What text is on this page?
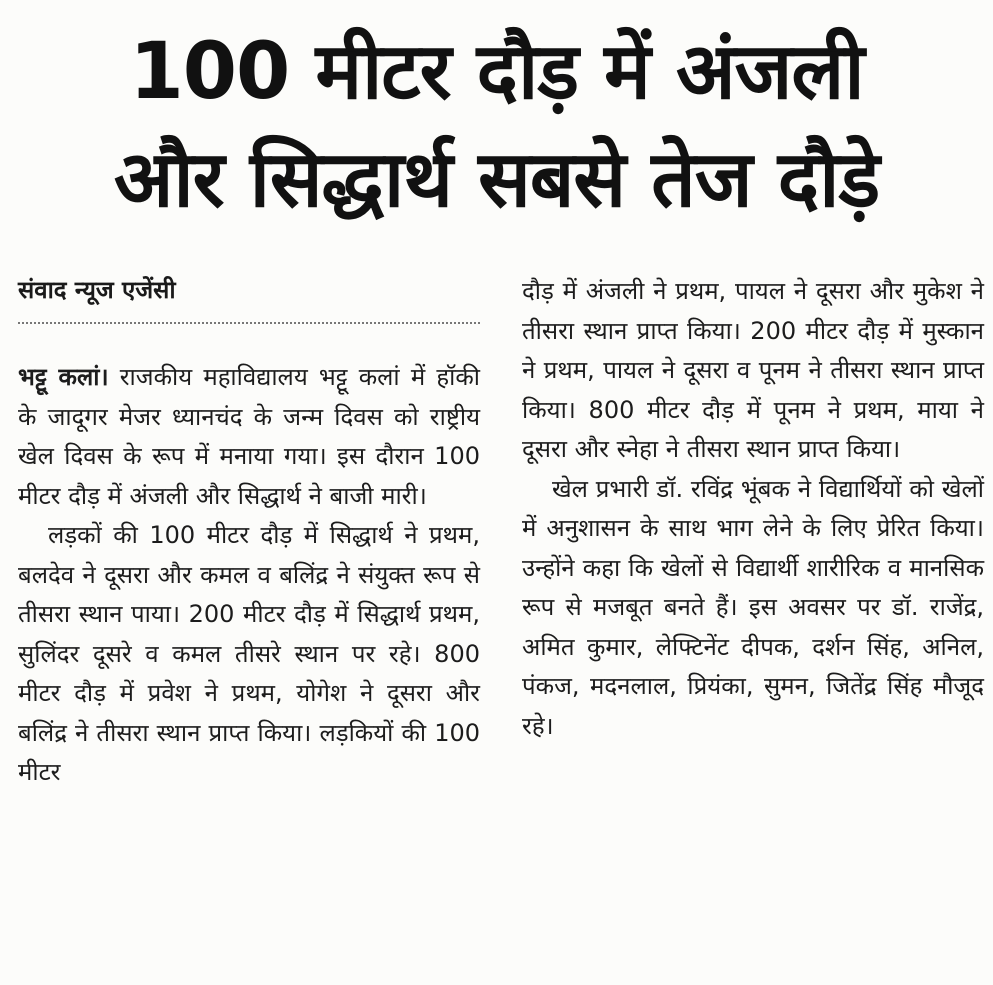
100 मीटर दौड़ में अंजली
और सिद्धार्थ सबसे तेज दौड़े
संवाद न्यूज एजेंसी

भट्टू कलां। राजकीय महाविद्यालय भट्टू कलां में हॉकी के जादूगर मेजर ध्यानचंद के जन्म दिवस को राष्ट्रीय खेल दिवस के रूप में मनाया गया। इस दौरान 100 मीटर दौड़ में अंजली और सिद्धार्थ ने बाजी मारी।

लड़कों की 100 मीटर दौड़ में सिद्धार्थ ने प्रथम, बलदेव ने दूसरा और कमल व बलिंद्र ने संयुक्त रूप से तीसरा स्थान पाया। 200 मीटर दौड़ में सिद्धार्थ प्रथम, सुलिंदर दूसरे व कमल तीसरे स्थान पर रहे। 800 मीटर दौड़ में प्रवेश ने प्रथम, योगेश ने दूसरा और बलिंद्र ने तीसरा स्थान प्राप्त किया। लड़कियों की 100 मीटर

दौड़ में अंजली ने प्रथम, पायल ने दूसरा और मुकेश ने तीसरा स्थान प्राप्त किया। 200 मीटर दौड़ में मुस्कान ने प्रथम, पायल ने दूसरा व पूनम ने तीसरा स्थान प्राप्त किया। 800 मीटर दौड़ में पूनम ने प्रथम, माया ने दूसरा और स्नेहा ने तीसरा स्थान प्राप्त किया।

खेल प्रभारी डॉ. रविंद्र भूंबक ने विद्यार्थियों को खेलों में अनुशासन के साथ भाग लेने के लिए प्रेरित किया। उन्होंने कहा कि खेलों से विद्यार्थी शारीरिक व मानसिक रूप से मजबूत बनते हैं। इस अवसर पर डॉ. राजेंद्र, अमित कुमार, लेफ्टिनेंट दीपक, दर्शन सिंह, अनिल, पंकज, मदनलाल, प्रियंका, सुमन, जितेंद्र सिंह मौजूद रहे।
